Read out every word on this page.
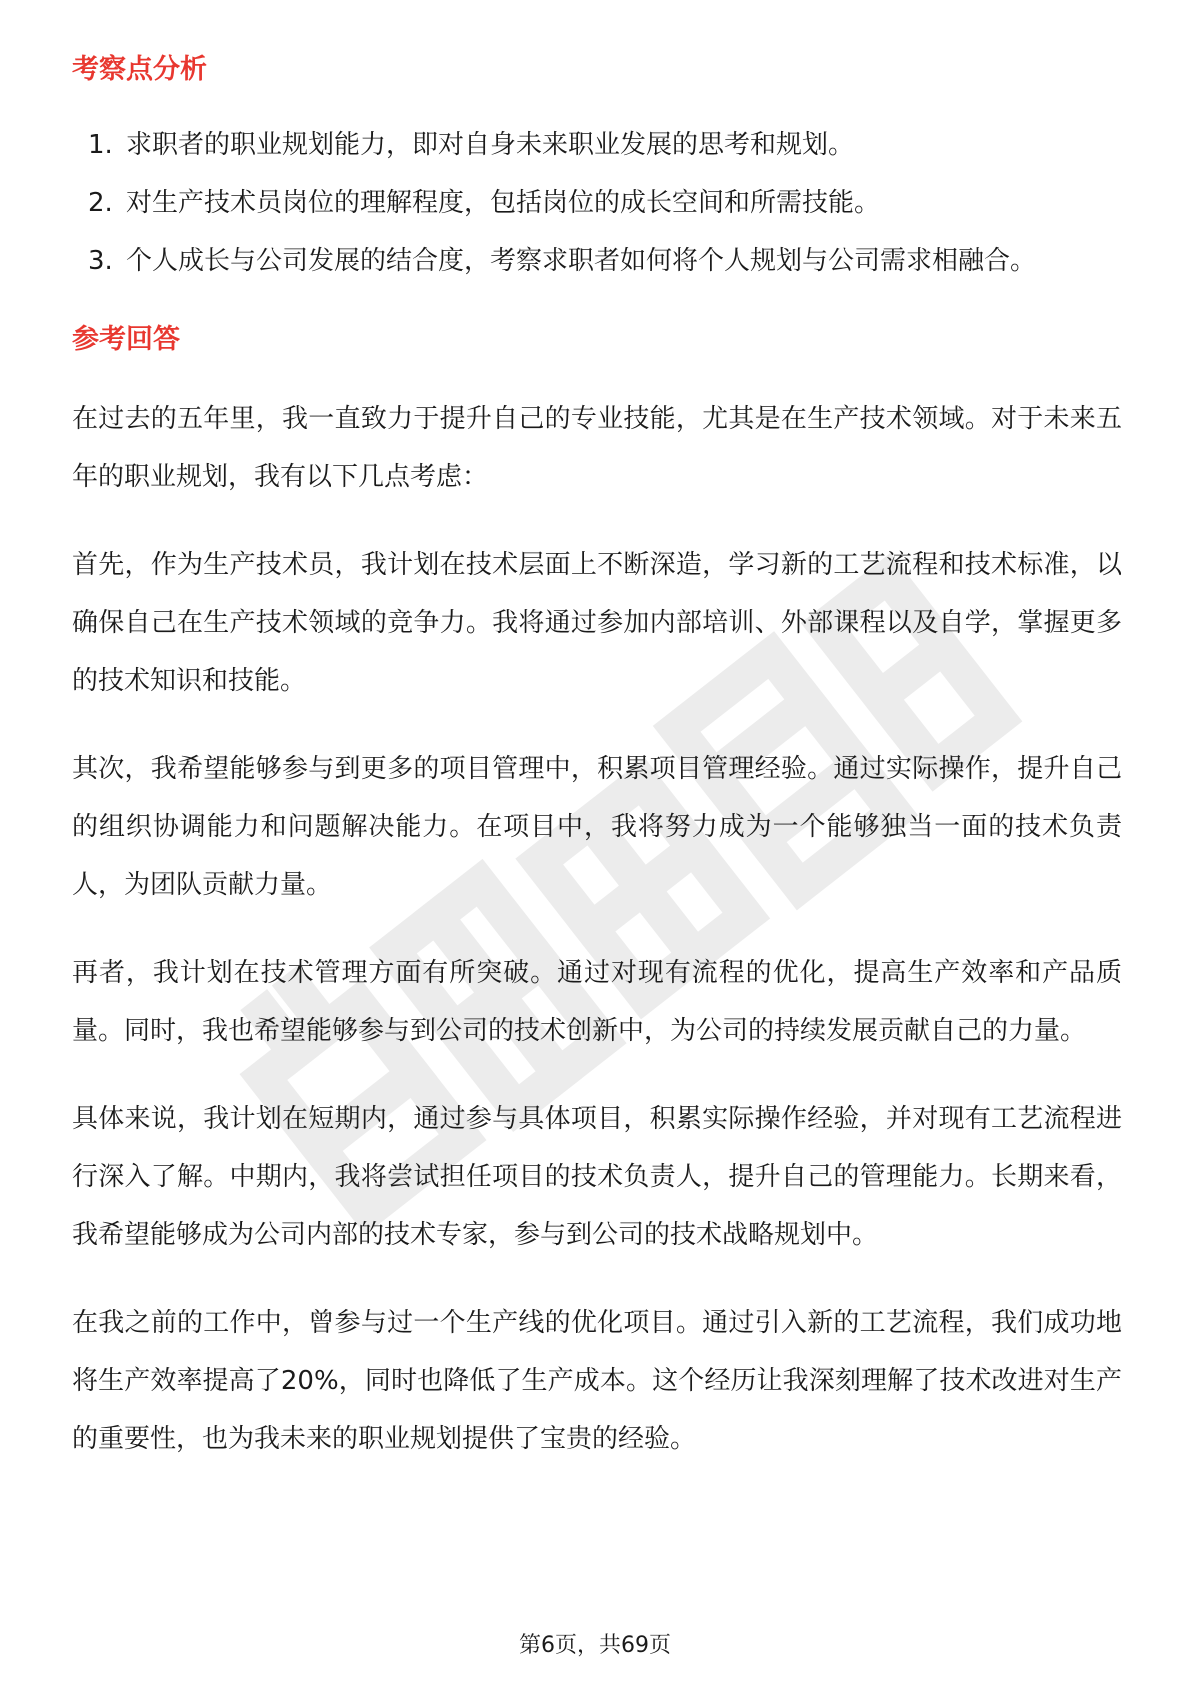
考察点分析
1. 求职者的职业规划能力，即对自身未来职业发展的思考和规划。
2. 对生产技术员岗位的理解程度，包括岗位的成长空间和所需技能。
3. 个人成长与公司发展的结合度，考察求职者如何将个人规划与公司需求相融合。
参考回答

在过去的五年里，我一直致力于提升自己的专业技能，尤其是在生产技术领域。对于未来五年的职业规划，我有以下几点考虑：

首先，作为生产技术员，我计划在技术层面上不断深造，学习新的工艺流程和技术标准，以确保自己在生产技术领域的竞争力。我将通过参加内部培训、外部课程以及自学，掌握更多的技术知识和技能。

其次，我希望能够参与到更多的项目管理中，积累项目管理经验。通过实际操作，提升自己的组织协调能力和问题解决能力。在项目中，我将努力成为一个能够独当一面的技术负责人，为团队贡献力量。

再者，我计划在技术管理方面有所突破。通过对现有流程的优化，提高生产效率和产品质量。同时，我也希望能够参与到公司的技术创新中，为公司的持续发展贡献自己的力量。

具体来说，我计划在短期内，通过参与具体项目，积累实际操作经验，并对现有工艺流程进行深入了解。中期内，我将尝试担任项目的技术负责人，提升自己的管理能力。长期来看，我希望能够成为公司内部的技术专家，参与到公司的技术战略规划中。

在我之前的工作中，曾参与过一个生产线的优化项目。通过引入新的工艺流程，我们成功地将生产效率提高了20%，同时也降低了生产成本。这个经历让我深刻理解了技术改进对生产的重要性，也为我未来的职业规划提供了宝贵的经验。

第6页，共69页
